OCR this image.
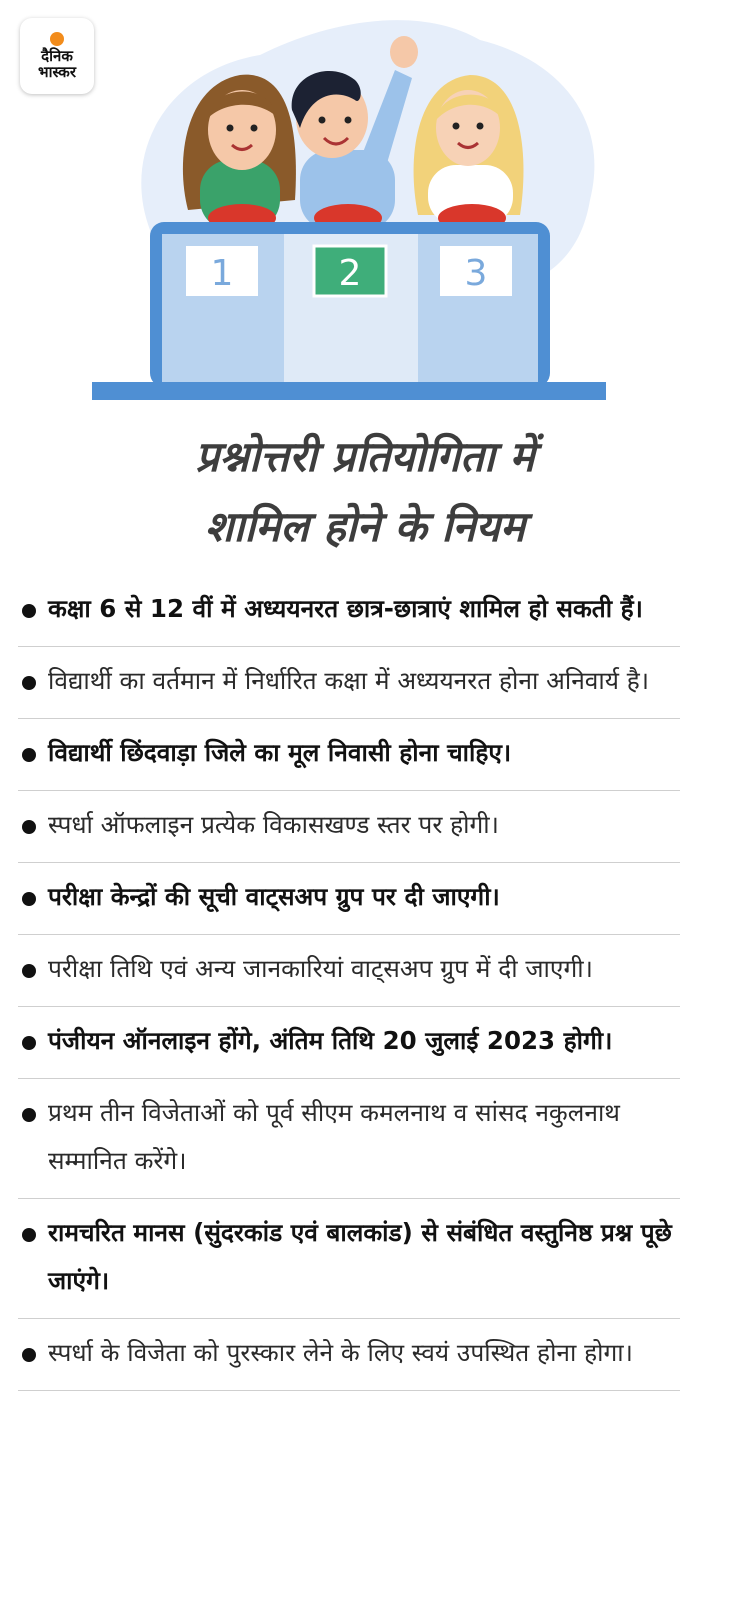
दैनिक
भास्कर
1	2	3
प्रश्नोत्तरी प्रतियोगिता में
शामिल होने के नियम
कक्षा 6 से 12 वीं में अध्ययनरत छात्र-छात्राएं शामिल हो सकती हैं।
विद्यार्थी का वर्तमान में निर्धारित कक्षा में अध्ययनरत होना अनिवार्य है।
विद्यार्थी छिंदवाड़ा जिले का मूल निवासी होना चाहिए।
स्पर्धा ऑफलाइन प्रत्येक विकासखण्ड स्तर पर होगी।
परीक्षा केन्द्रों की सूची वाट्सअप ग्रुप पर दी जाएगी।
परीक्षा तिथि एवं अन्य जानकारियां वाट्सअप ग्रुप में दी जाएगी।
पंजीयन ऑनलाइन होंगे, अंतिम तिथि 20 जुलाई 2023 होगी।
प्रथम तीन विजेताओं को पूर्व सीएम कमलनाथ व सांसद नकुलनाथ सम्मानित करेंगे।
रामचरित मानस (सुंदरकांड एवं बालकांड) से संबंधित वस्तुनिष्ठ प्रश्न पूछे जाएंगे।
स्पर्धा के विजेता को पुरस्कार लेने के लिए स्वयं उपस्थित होना होगा।
